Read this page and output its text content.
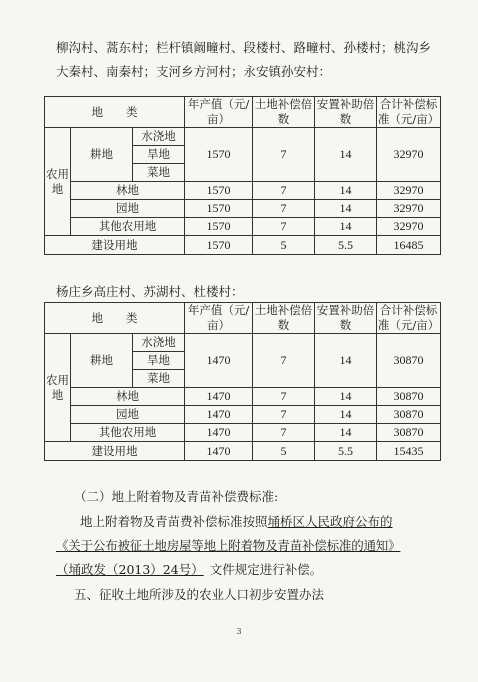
柳沟村、蒿东村；栏杆镇阚疃村、段楼村、路疃村、孙楼村；桃沟乡大秦村、南秦村；支河乡方河村；永安镇孙安村：
地　　类			年产值（元/亩）	土地补偿倍　数	安置补助倍　数	合计补偿标准（元/亩）
农用地	耕地	水浇地	1570	7	14	32970
		旱地				
		菜地				
	林地		1570	7	14	32970
	园地		1570	7	14	32970
	其他农用地		1570	7	14	32970
建设用地			1570	5	5.5	16485
杨庄乡高庄村、苏湖村、杜楼村：
地　　类			年产值（元/亩）	土地补偿倍　数	安置补助倍　数	合计补偿标准（元/亩）
农用地	耕地	水浇地	1470	7	14	30870
		旱地				
		菜地				
	林地		1470	7	14	30870
	园地		1470	7	14	30870
	其他农用地		1470	7	14	30870
建设用地			1470	5	5.5	15435
（二）地上附着物及青苗补偿费标准:
地上附着物及青苗费补偿标准按照埇桥区人民政府公布的
《关于公布被征土地房屋等地上附着物及青苗补偿标准的通知》
（埇政发（2013）24号） 文件规定进行补偿。
五、征收土地所涉及的农业人口初步安置办法
3
